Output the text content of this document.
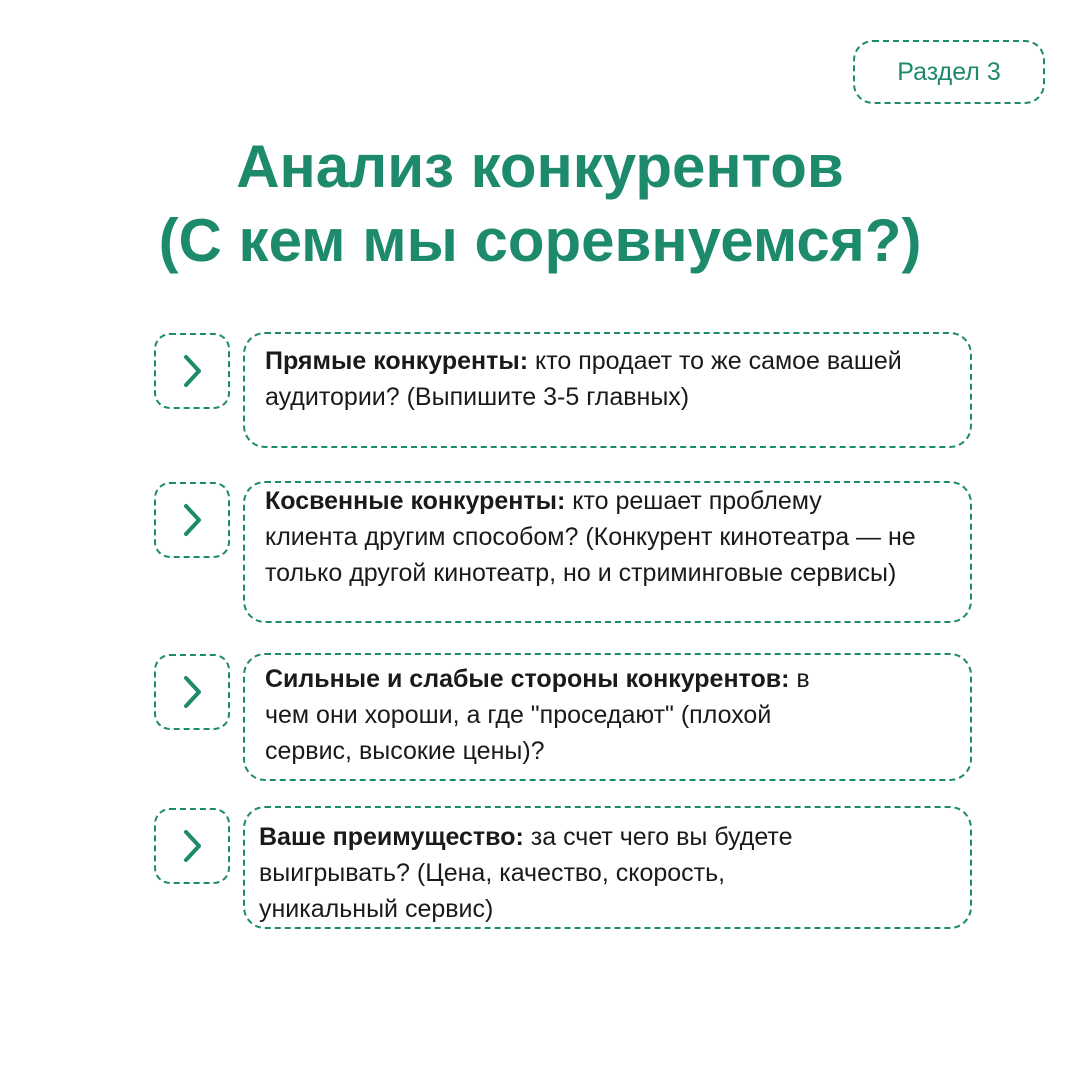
Раздел 3
Анализ конкурентов
(С кем мы соревнуемся?)
Прямые конкуренты: кто продает то же самое вашей аудитории? (Выпишите 3-5 главных)
Косвенные конкуренты: кто решает проблему клиента другим способом? (Конкурент кинотеатра — не только другой кинотеатр, но и стриминговые сервисы)
Сильные и слабые стороны конкурентов: в чем они хороши, а где "проседают" (плохой сервис, высокие цены)?
Ваше преимущество: за счет чего вы будете выигрывать? (Цена, качество, скорость, уникальный сервис)
